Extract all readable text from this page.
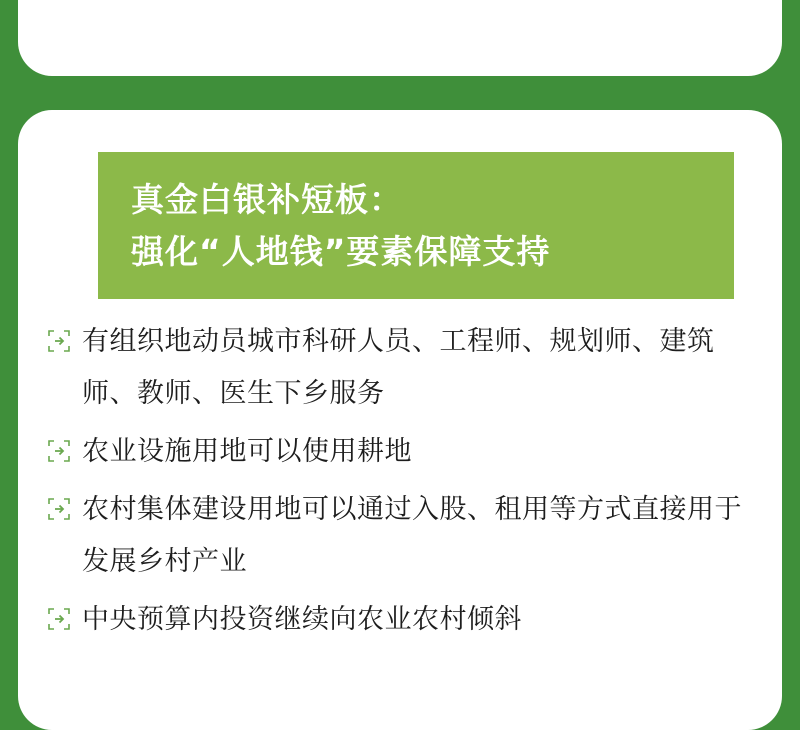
真金白银补短板：
强化“人地钱”要素保障支持
有组织地动员城市科研人员、工程师、规划师、建筑师、教师、医生下乡服务
农业设施用地可以使用耕地
农村集体建设用地可以通过入股、租用等方式直接用于发展乡村产业
中央预算内投资继续向农业农村倾斜
